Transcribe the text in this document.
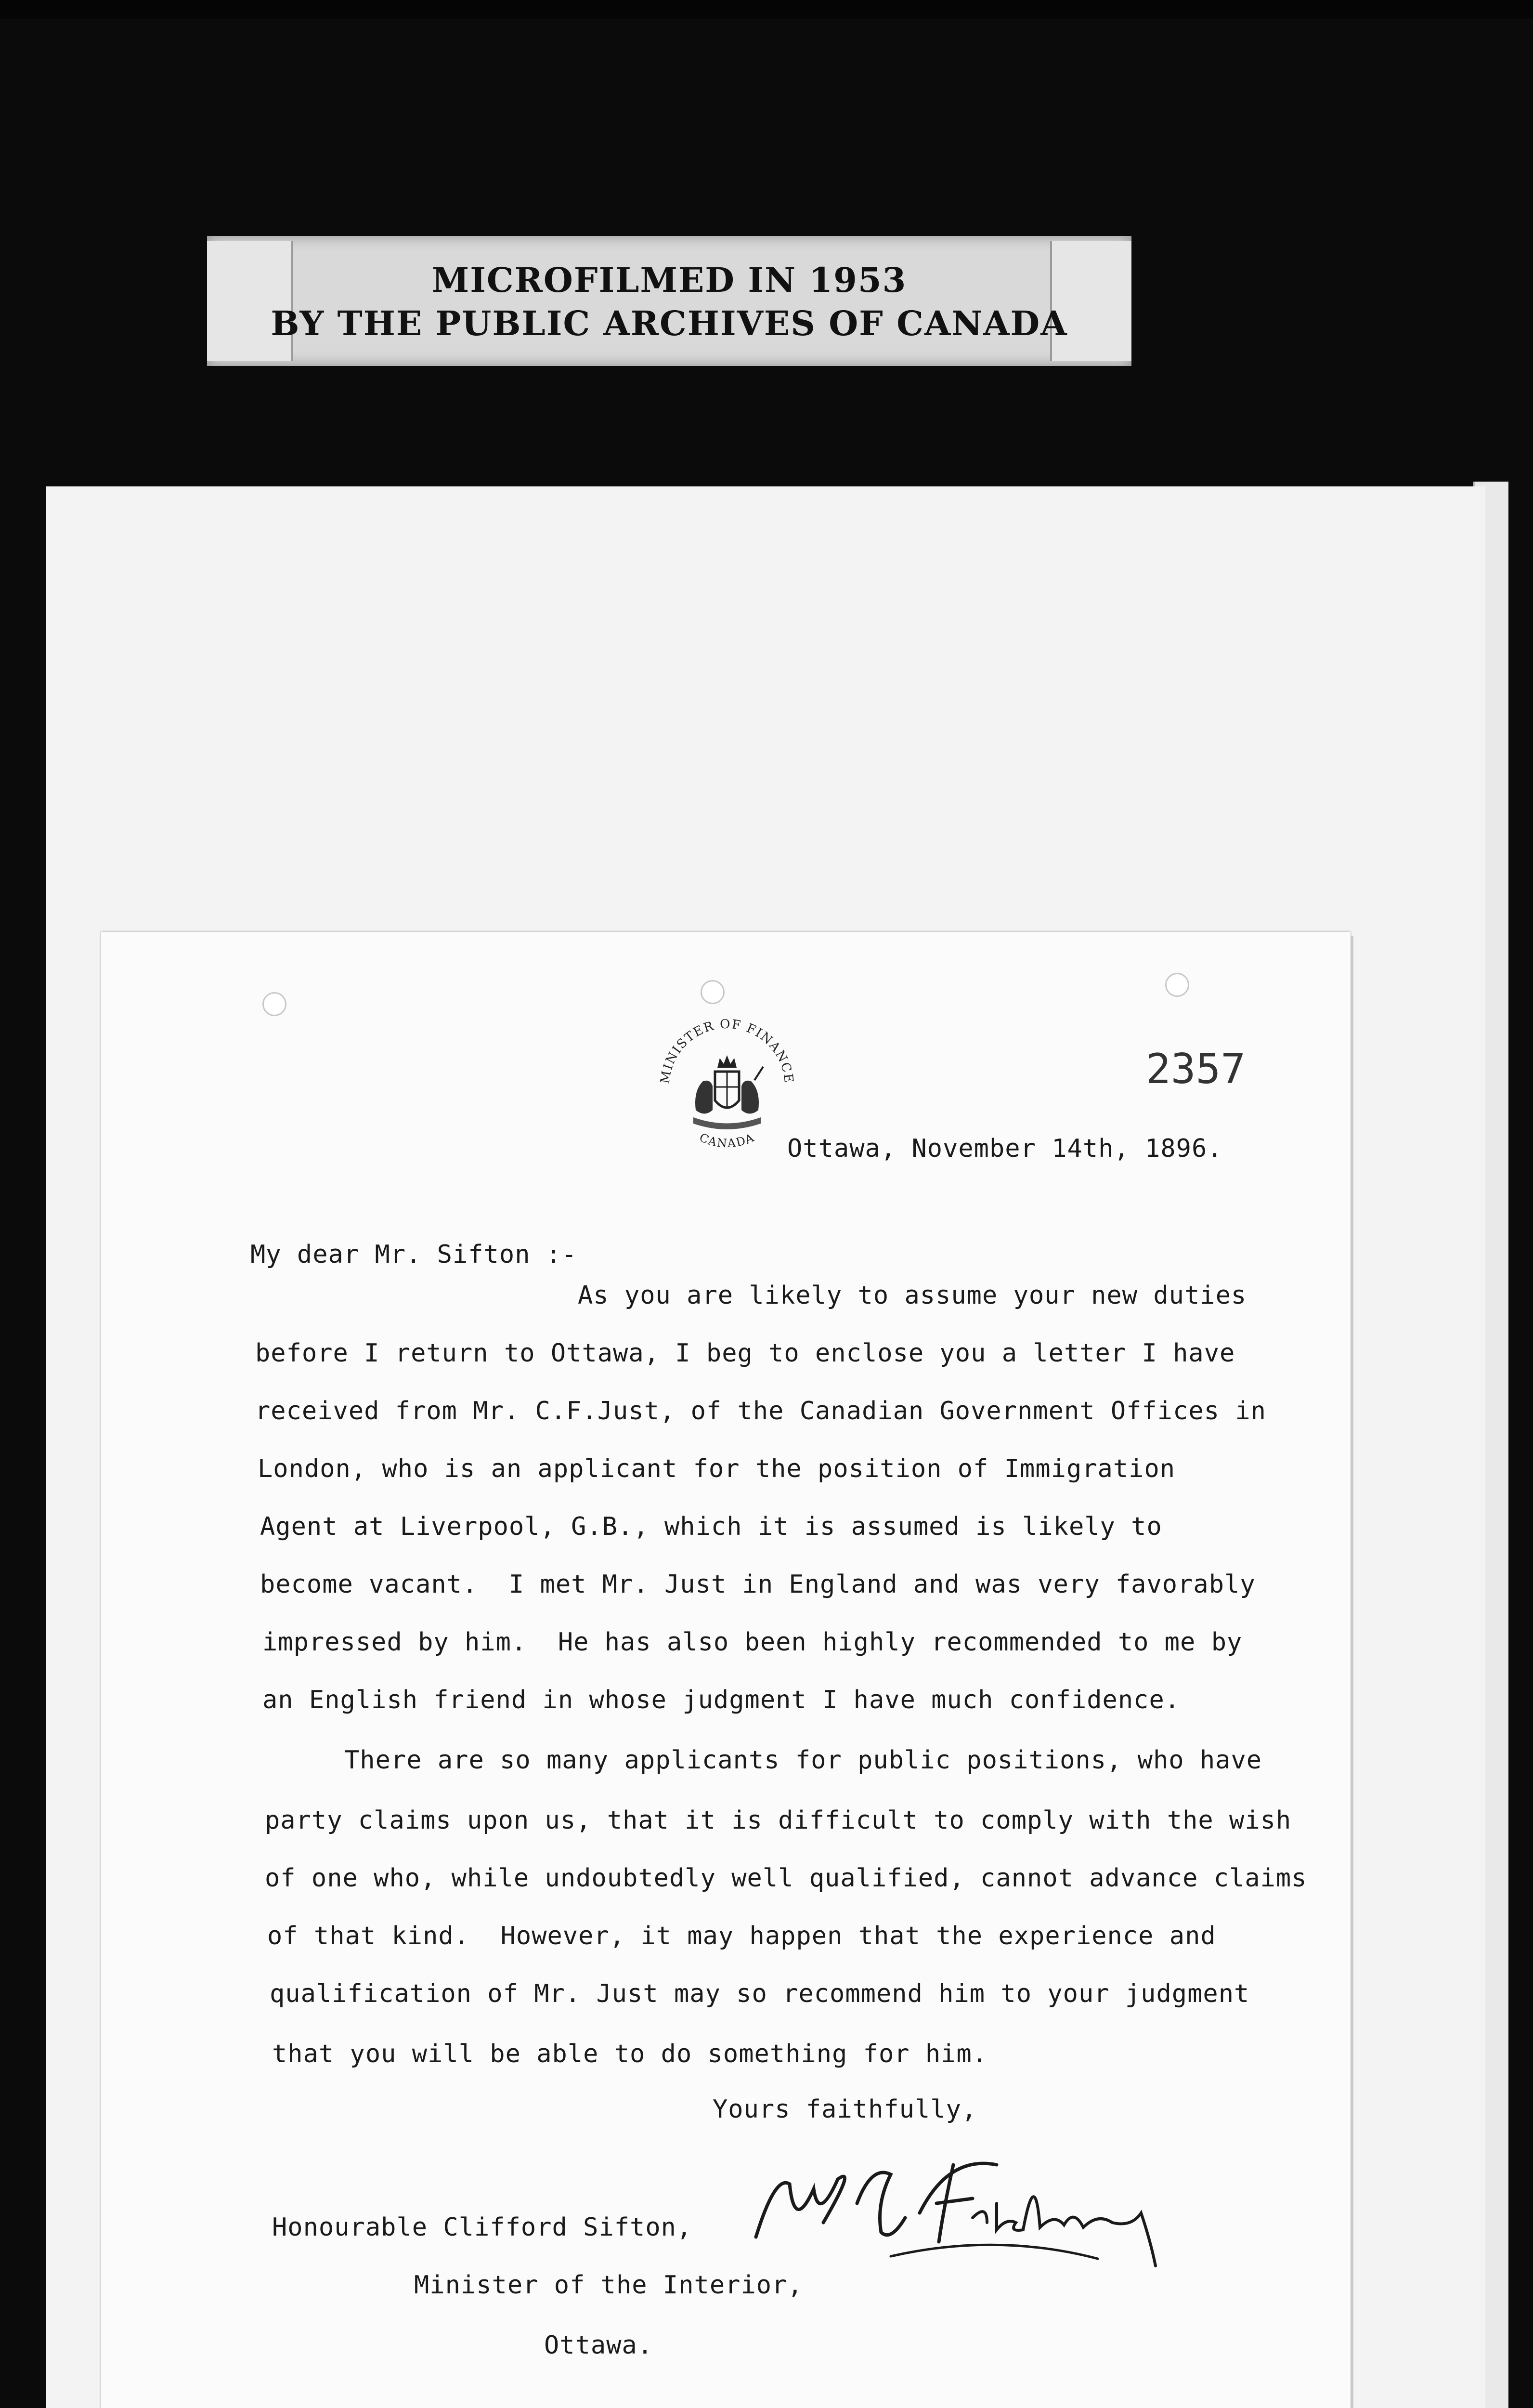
MICROFILMED IN 1953
BY THE PUBLIC ARCHIVES OF CANADA
MINISTER OF FINANCE
CANADA
2357
Ottawa, November 14th, 1896.
My dear Mr. Sifton :-
As you are likely to assume your new duties
before I return to Ottawa, I beg to enclose you a letter I have
received from Mr. C.F.Just, of the Canadian Government Offices in
London, who is an applicant for the position of Immigration
Agent at Liverpool, G.B., which it is assumed is likely to
become vacant.  I met Mr. Just in England and was very favorably
impressed by him.  He has also been highly recommended to me by
an English friend in whose judgment I have much confidence.
There are so many applicants for public positions, who have
party claims upon us, that it is difficult to comply with the wish
of one who, while undoubtedly well qualified, cannot advance claims
of that kind.  However, it may happen that the experience and
qualification of Mr. Just may so recommend him to your judgment
that you will be able to do something for him.
Yours faithfully,
Honourable Clifford Sifton,
Minister of the Interior,
Ottawa.
